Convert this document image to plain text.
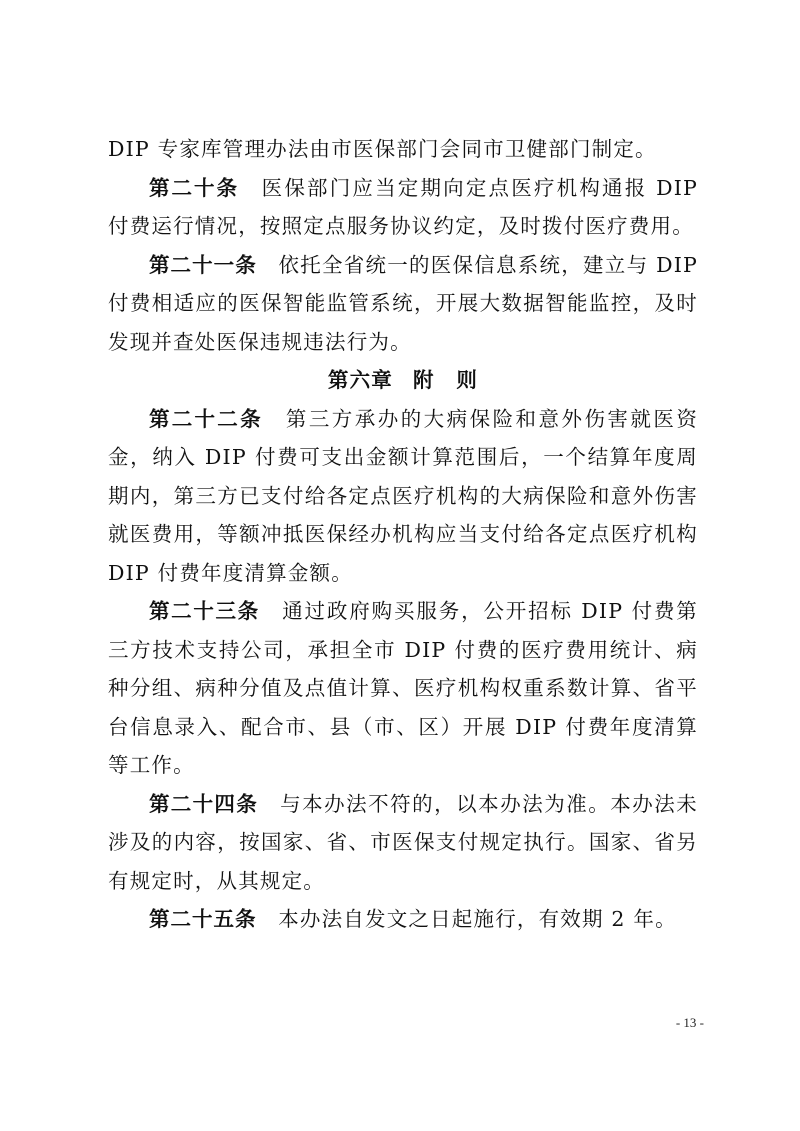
DIP 专家库管理办法由市医保部门会同市卫健部门制定。

第二十条　 医保部门应当定期向定点医疗机构通报 DIP 付费运行情况，按照定点服务协议约定，及时拨付医疗费用。

第二十一条　 依托全省统一的医保信息系统，建立与 DIP 付费相适应的医保智能监管系统，开展大数据智能监控，及时发现并查处医保违规违法行为。

第六章 附　则

第二十二条　 第三方承办的大病保险和意外伤害就医资金，纳入 DIP 付费可支出金额计算范围后，一个结算年度周期内，第三方已支付给各定点医疗机构的大病保险和意外伤害就医费用，等额冲抵医保经办机构应当支付给各定点医疗机构 DIP 付费年度清算金额。

第二十三条　 通过政府购买服务，公开招标 DIP 付费第三方技术支持公司，承担全市 DIP 付费的医疗费用统计、病种分组、病种分值及点值计算、医疗机构权重系数计算、省平台信息录入、配合市、县（市、区）开展 DIP 付费年度清算等工作。

第二十四条　 与本办法不符的，以本办法为准。本办法未涉及的内容，按国家、省、市医保支付规定执行。国家、省另有规定时，从其规定。

第二十五条　 本办法自发文之日起施行，有效期 2 年。

- 13 -
